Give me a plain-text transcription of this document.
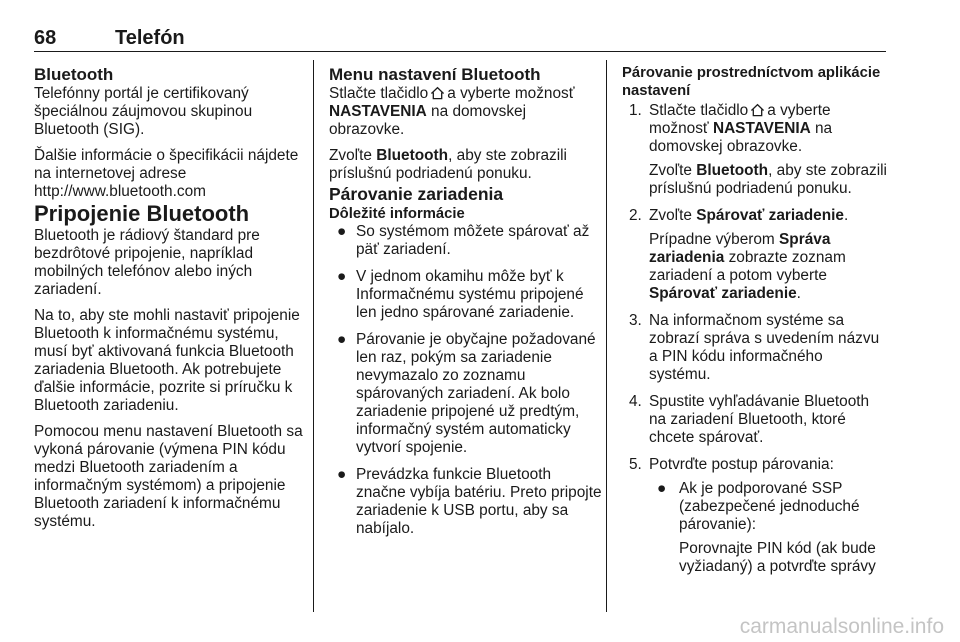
68	Telefón

Bluetooth

Telefónny portál je certifikovaný špeciálnou záujmovou skupinou Bluetooth (SIG).

Ďalšie informácie o špecifikácii nájdete na internetovej adrese http://www.bluetooth.com

Pripojenie Bluetooth

Bluetooth je rádiový štandard pre bezdrôtové pripojenie, napríklad mobilných telefónov alebo iných zariadení.

Na to, aby ste mohli nastaviť pripojenie Bluetooth k informačnému systému, musí byť aktivovaná funkcia Bluetooth zariadenia Bluetooth. Ak potrebujete ďalšie informácie, pozrite si príručku k Bluetooth zariadeniu.

Pomocou menu nastavení Bluetooth sa vykoná párovanie (výmena PIN kódu medzi Bluetooth zariadením a informačným systémom) a pripojenie Bluetooth zariadení k informačnému systému.

Menu nastavení Bluetooth

Stlačte tlačidlo a vyberte možnosť NASTAVENIA na domovskej obrazovke.

Zvoľte Bluetooth, aby ste zobrazili príslušnú podriadenú ponuku.

Párovanie zariadenia

Dôležité informácie

● So systémom môžete spárovať až päť zariadení.
● V jednom okamihu môže byť k Informačnému systému pripojené len jedno spárované zariadenie.
● Párovanie je obyčajne požadované len raz, pokým sa zariadenie nevymazalo zo zoznamu spárovaných zariadení. Ak bolo zariadenie pripojené už predtým, informačný systém automaticky vytvorí spojenie.
● Prevádzka funkcie Bluetooth značne vybíja batériu. Preto pripojte zariadenie k USB portu, aby sa nabíjalo.

Párovanie prostredníctvom aplikácie nastavení

1. Stlačte tlačidlo a vyberte možnosť NASTAVENIA na domovskej obrazovke.

Zvoľte Bluetooth, aby ste zobrazili príslušnú podriadenú ponuku.

2. Zvoľte Spárovať zariadenie.

Prípadne výberom Správa zariadenia zobrazte zoznam zariadení a potom vyberte Spárovať zariadenie.

3. Na informačnom systéme sa zobrazí správa s uvedením názvu a PIN kódu informačného systému.

4. Spustite vyhľadávanie Bluetooth na zariadení Bluetooth, ktoré chcete spárovať.

5. Potvrďte postup párovania:

● Ak je podporované SSP (zabezpečené jednoduché párovanie):

Porovnajte PIN kód (ak bude vyžiadaný) a potvrďte správy

carmanualsonline.info
